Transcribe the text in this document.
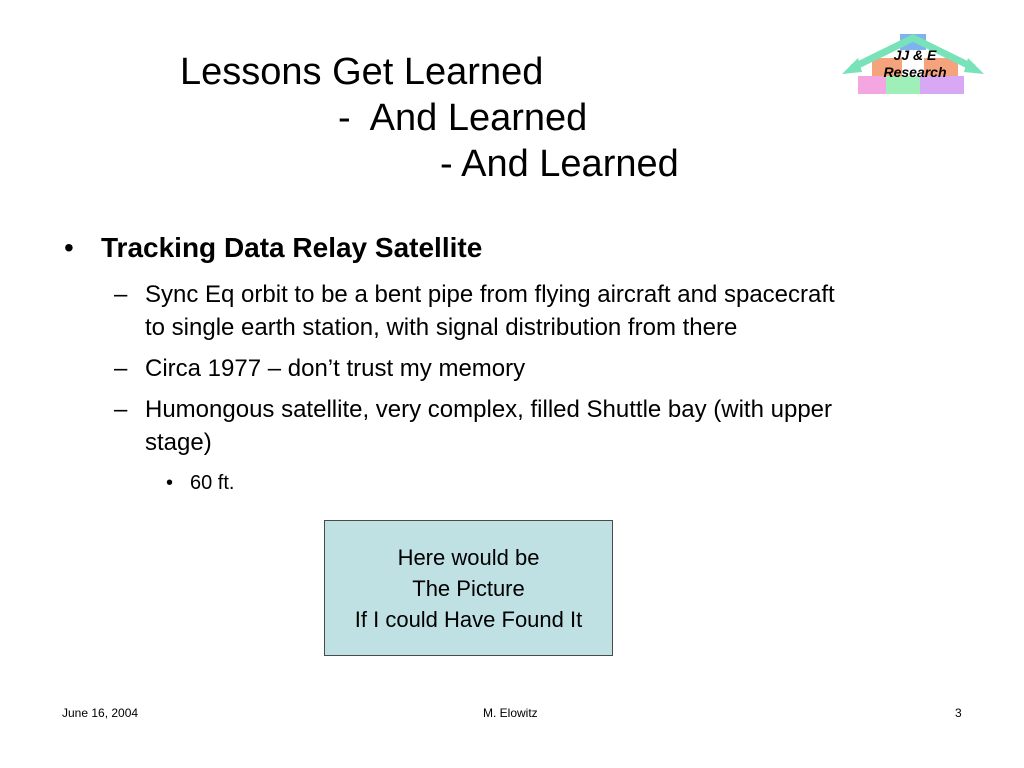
Lessons Get Learned
-  And Learned
- And Learned
JJ & E
Research
• Tracking Data Relay Satellite
– Sync Eq orbit to be a bent pipe from flying aircraft and spacecraft
to single earth station, with signal distribution from there
– Circa 1977 – don’t trust my memory
– Humongous satellite, very complex, filled Shuttle bay (with upper
stage)
• 60 ft.
Here would be
The Picture
If I could Have Found It
June 16, 2004	M. Elowitz	3
